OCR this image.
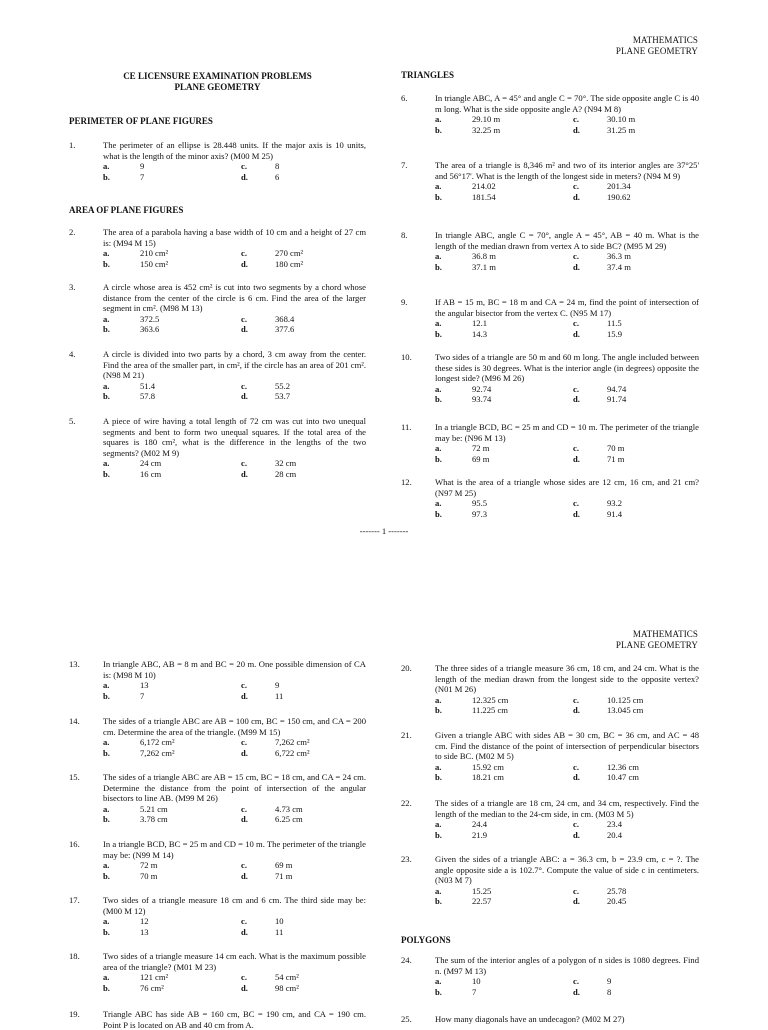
MATHEMATICS
PLANE GEOMETRY
CE LICENSURE EXAMINATION PROBLEMS
PLANE GEOMETRY
PERIMETER OF PLANE FIGURES
1.	The perimeter of an ellipse is 28.448 units. If the major axis is 10 units, what is the length of the minor axis? (M00 M 25)
a.	9	c.	8
b.	7	d.	6
AREA OF PLANE FIGURES
2.	The area of a parabola having a base width of 10 cm and a height of 27 cm is: (M94 M 15)
a.	210 cm²	c.	270 cm²
b.	150 cm²	d.	180 cm²
3.	A circle whose area is 452 cm² is cut into two segments by a chord whose distance from the center of the circle is 6 cm. Find the area of the larger segment in cm². (M98 M 13)
a.	372.5	c.	368.4
b.	363.6	d.	377.6
4.	A circle is divided into two parts by a chord, 3 cm away from the center. Find the area of the smaller part, in cm², if the circle has an area of 201 cm². (N98 M 21)
a.	51.4	c.	55.2
b.	57.8	d.	53.7
5.	A piece of wire having a total length of 72 cm was cut into two unequal segments and bent to form two unequal squares. If the total area of the squares is 180 cm², what is the difference in the lengths of the two segments? (M02 M 9)
a.	24 cm	c.	32 cm
b.	16 cm	d.	28 cm
TRIANGLES
6.	In triangle ABC, A = 45° and angle C = 70°. The side opposite angle C is 40 m long. What is the side opposite angle A? (N94 M 8)
a.	29.10 m	c.	30.10 m
b.	32.25 m	d.	31.25 m
7.	The area of a triangle is 8,346 m² and two of its interior angles are 37°25' and 56°17'. What is the length of the longest side in meters? (N94 M 9)
a.	214.02	c.	201.34
b.	181.54	d.	190.62
8.	In triangle ABC, angle C = 70°, angle A = 45°, AB = 40 m. What is the length of the median drawn from vertex A to side BC? (M95 M 29)
a.	36.8 m	c.	36.3 m
b.	37.1 m	d.	37.4 m
9.	If AB = 15 m, BC = 18 m and CA = 24 m, find the point of intersection of the angular bisector from the vertex C. (N95 M 17)
a.	12.1	c.	11.5
b.	14.3	d.	15.9
10.	Two sides of a triangle are 50 m and 60 m long. The angle included between these sides is 30 degrees. What is the interior angle (in degrees) opposite the longest side? (M96 M 26)
a.	92.74	c.	94.74
b.	93.74	d.	91.74
11.	In a triangle BCD, BC = 25 m and CD = 10 m. The perimeter of the triangle may be: (N96 M 13)
a.	72 m	c.	70 m
b.	69 m	d.	71 m
12.	What is the area of a triangle whose sides are 12 cm, 16 cm, and 21 cm? (N97 M 25)
a.	95.5	c.	93.2
b.	97.3	d.	91.4
------- 1 -------
MATHEMATICS
PLANE GEOMETRY
13.	In triangle ABC, AB = 8 m and BC = 20 m. One possible dimension of CA is: (M98 M 10)
a.	13	c.	9
b.	7	d.	11
14.	The sides of a triangle ABC are AB = 100 cm, BC = 150 cm, and CA = 200 cm. Determine the area of the triangle. (M99 M 15)
a.	6,172 cm²	c.	7,262 cm²
b.	7,262 cm²	d.	6,722 cm²
15.	The sides of a triangle ABC are AB = 15 cm, BC = 18 cm, and CA = 24 cm. Determine the distance from the point of intersection of the angular bisectors to line AB. (M99 M 26)
a.	5.21 cm	c.	4.73 cm
b.	3.78 cm	d.	6.25 cm
16.	In a triangle BCD, BC = 25 m and CD = 10 m. The perimeter of the triangle may be: (N99 M 14)
a.	72 m	c.	69 m
b.	70 m	d.	71 m
17.	Two sides of a triangle measure 18 cm and 6 cm. The third side may be: (M00 M 12)
a.	12	c.	10
b.	13	d.	11
18.	Two sides of a triangle measure 14 cm each. What is the maximum possible area of the triangle? (M01 M 23)
a.	121 cm²	c.	54 cm²
b.	76 cm²	d.	98 cm²
19.	Triangle ABC has side AB = 160 cm, BC = 190 cm, and CA = 190 cm. Point P is located on AB and 40 cm from A.
20.	The three sides of a triangle measure 36 cm, 18 cm, and 24 cm. What is the length of the median drawn from the longest side to the opposite vertex? (N01 M 26)
a.	12.325 cm	c.	10.125 cm
b.	11.225 cm	d.	13.045 cm
21.	Given a triangle ABC with sides AB = 30 cm, BC = 36 cm, and AC = 48 cm. Find the distance of the point of intersection of perpendicular bisectors to side BC. (M02 M 5)
a.	15.92 cm	c.	12.36 cm
b.	18.21 cm	d.	10.47 cm
22.	The sides of a triangle are 18 cm, 24 cm, and 34 cm, respectively. Find the length of the median to the 24-cm side, in cm. (M03 M 5)
a.	24.4	c.	23.4
b.	21.9	d.	20.4
23.	Given the sides of a triangle ABC: a = 36.3 cm, b = 23.9 cm, c = ?. The angle opposite side a is 102.7°. Compute the value of side c in centimeters. (N03 M 7)
a.	15.25	c.	25.78
b.	22.57	d.	20.45
POLYGONS
24.	The sum of the interior angles of a polygon of n sides is 1080 degrees. Find n. (M97 M 13)
a.	10	c.	9
b.	7	d.	8
25.	How many diagonals have an undecagon? (M02 M 27)
